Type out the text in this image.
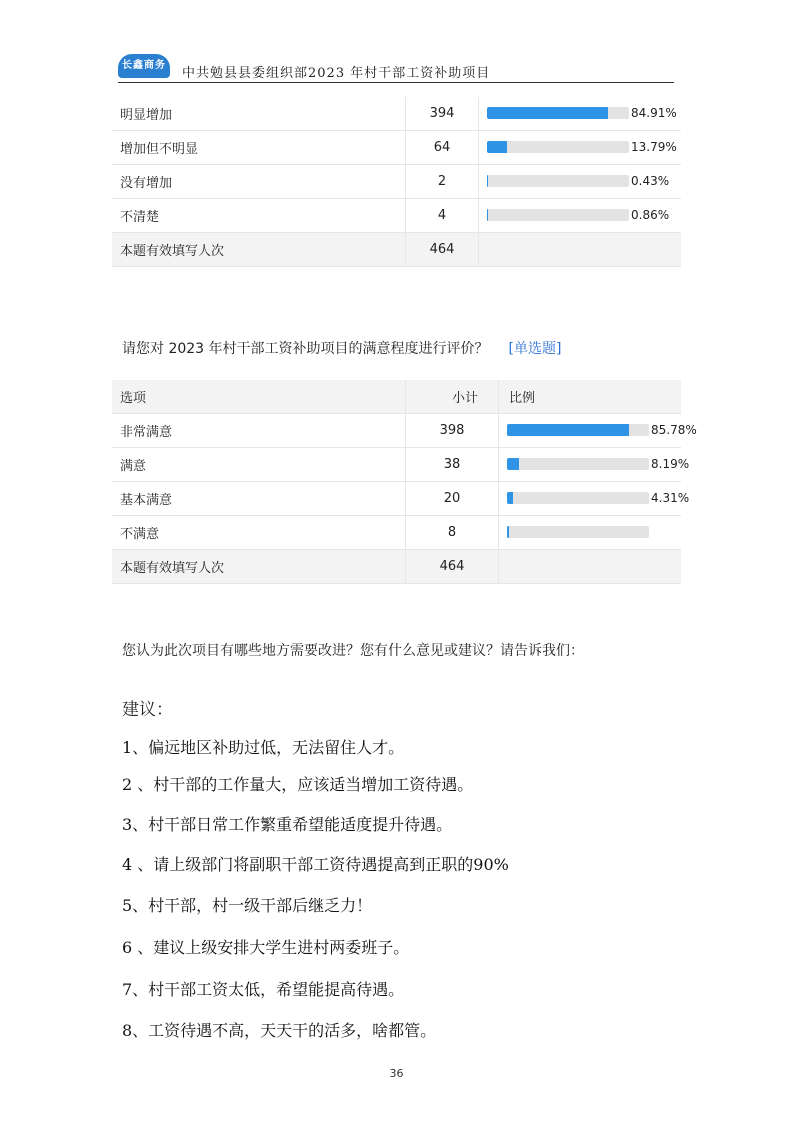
长鑫商务
中共勉县县委组织部2023 年村干部工资补助项目
明显增加	394	84.91%

增加但不明显	64	13.79%

没有增加	2	0.43%

不清楚	4	0.86%

本题有效填写人次	464	
请您对 2023 年村干部工资补助项目的满意程度进行评价？ [单选题]
选项	小计	比例
非常满意	398	85.78%

满意	38	8.19%

基本满意	20	4.31%

不满意	8	

本题有效填写人次	464	
您认为此次项目有哪些地方需要改进？您有什么意见或建议？请告诉我们：
建议：
1、偏远地区补助过低，无法留住人才。
2 、村干部的工作量大，应该适当增加工资待遇。
3、村干部日常工作繁重希望能适度提升待遇。
4 、请上级部门将副职干部工资待遇提高到正职的90%
5、村干部，村一级干部后继乏力！
6 、建议上级安排大学生进村两委班子。
7、村干部工资太低，希望能提高待遇。
8、工资待遇不高，天天干的活多，啥都管。
36
